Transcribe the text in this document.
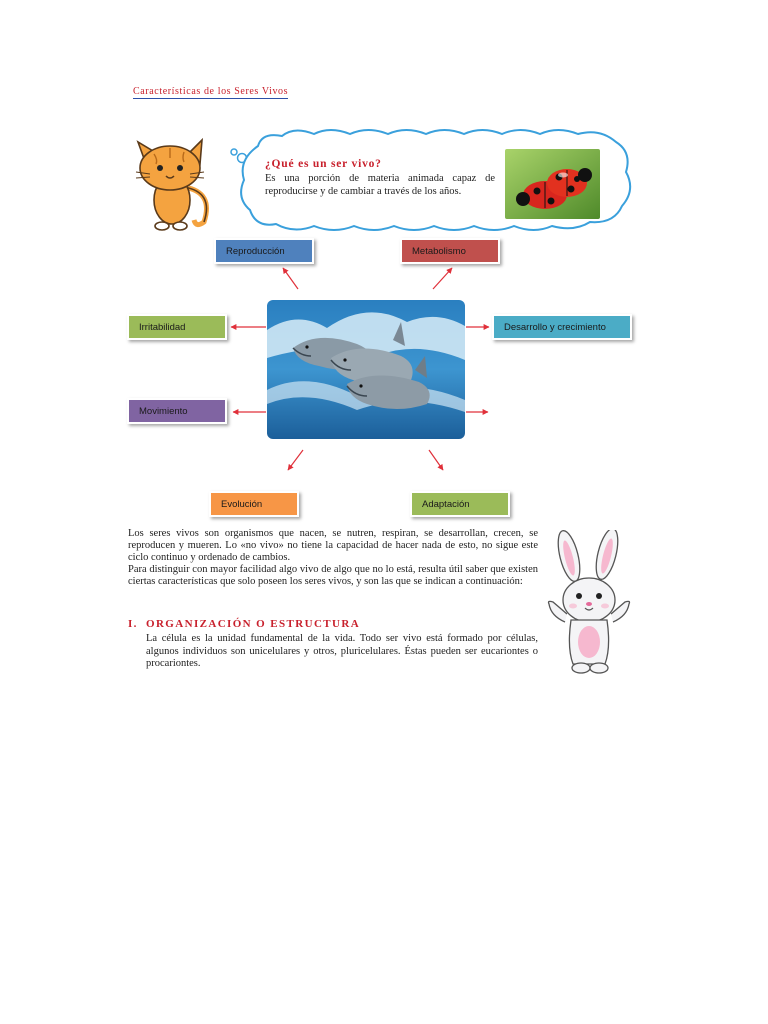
Características de los Seres Vivos
¿Qué es un ser vivo?
Es una porción de materia animada capaz de reproducirse y de cambiar a través de los años.
Reproducción	Metabolismo
Irritabilidad	Desarrollo y crecimiento
Movimiento
Evolución	Adaptación

Los seres vivos son organismos que nacen, se nutren, respiran, se desarrollan, crecen, se reproducen y mueren. Lo «no vivo» no tiene la capacidad de hacer nada de esto, no sigue este ciclo continuo y ordenado de cambios.

Para distinguir con mayor facilidad algo vivo de algo que no lo está, resulta útil saber que existen ciertas características que solo poseen los seres vivos, y son las que se indican a continuación:

I. ORGANIZACIÓN O ESTRUCTURA
La célula es la unidad fundamental de la vida. Todo ser vivo está formado por células, algunos individuos son unicelulares y otros, pluricelulares. Éstas pueden ser eucariontes o procariontes.
